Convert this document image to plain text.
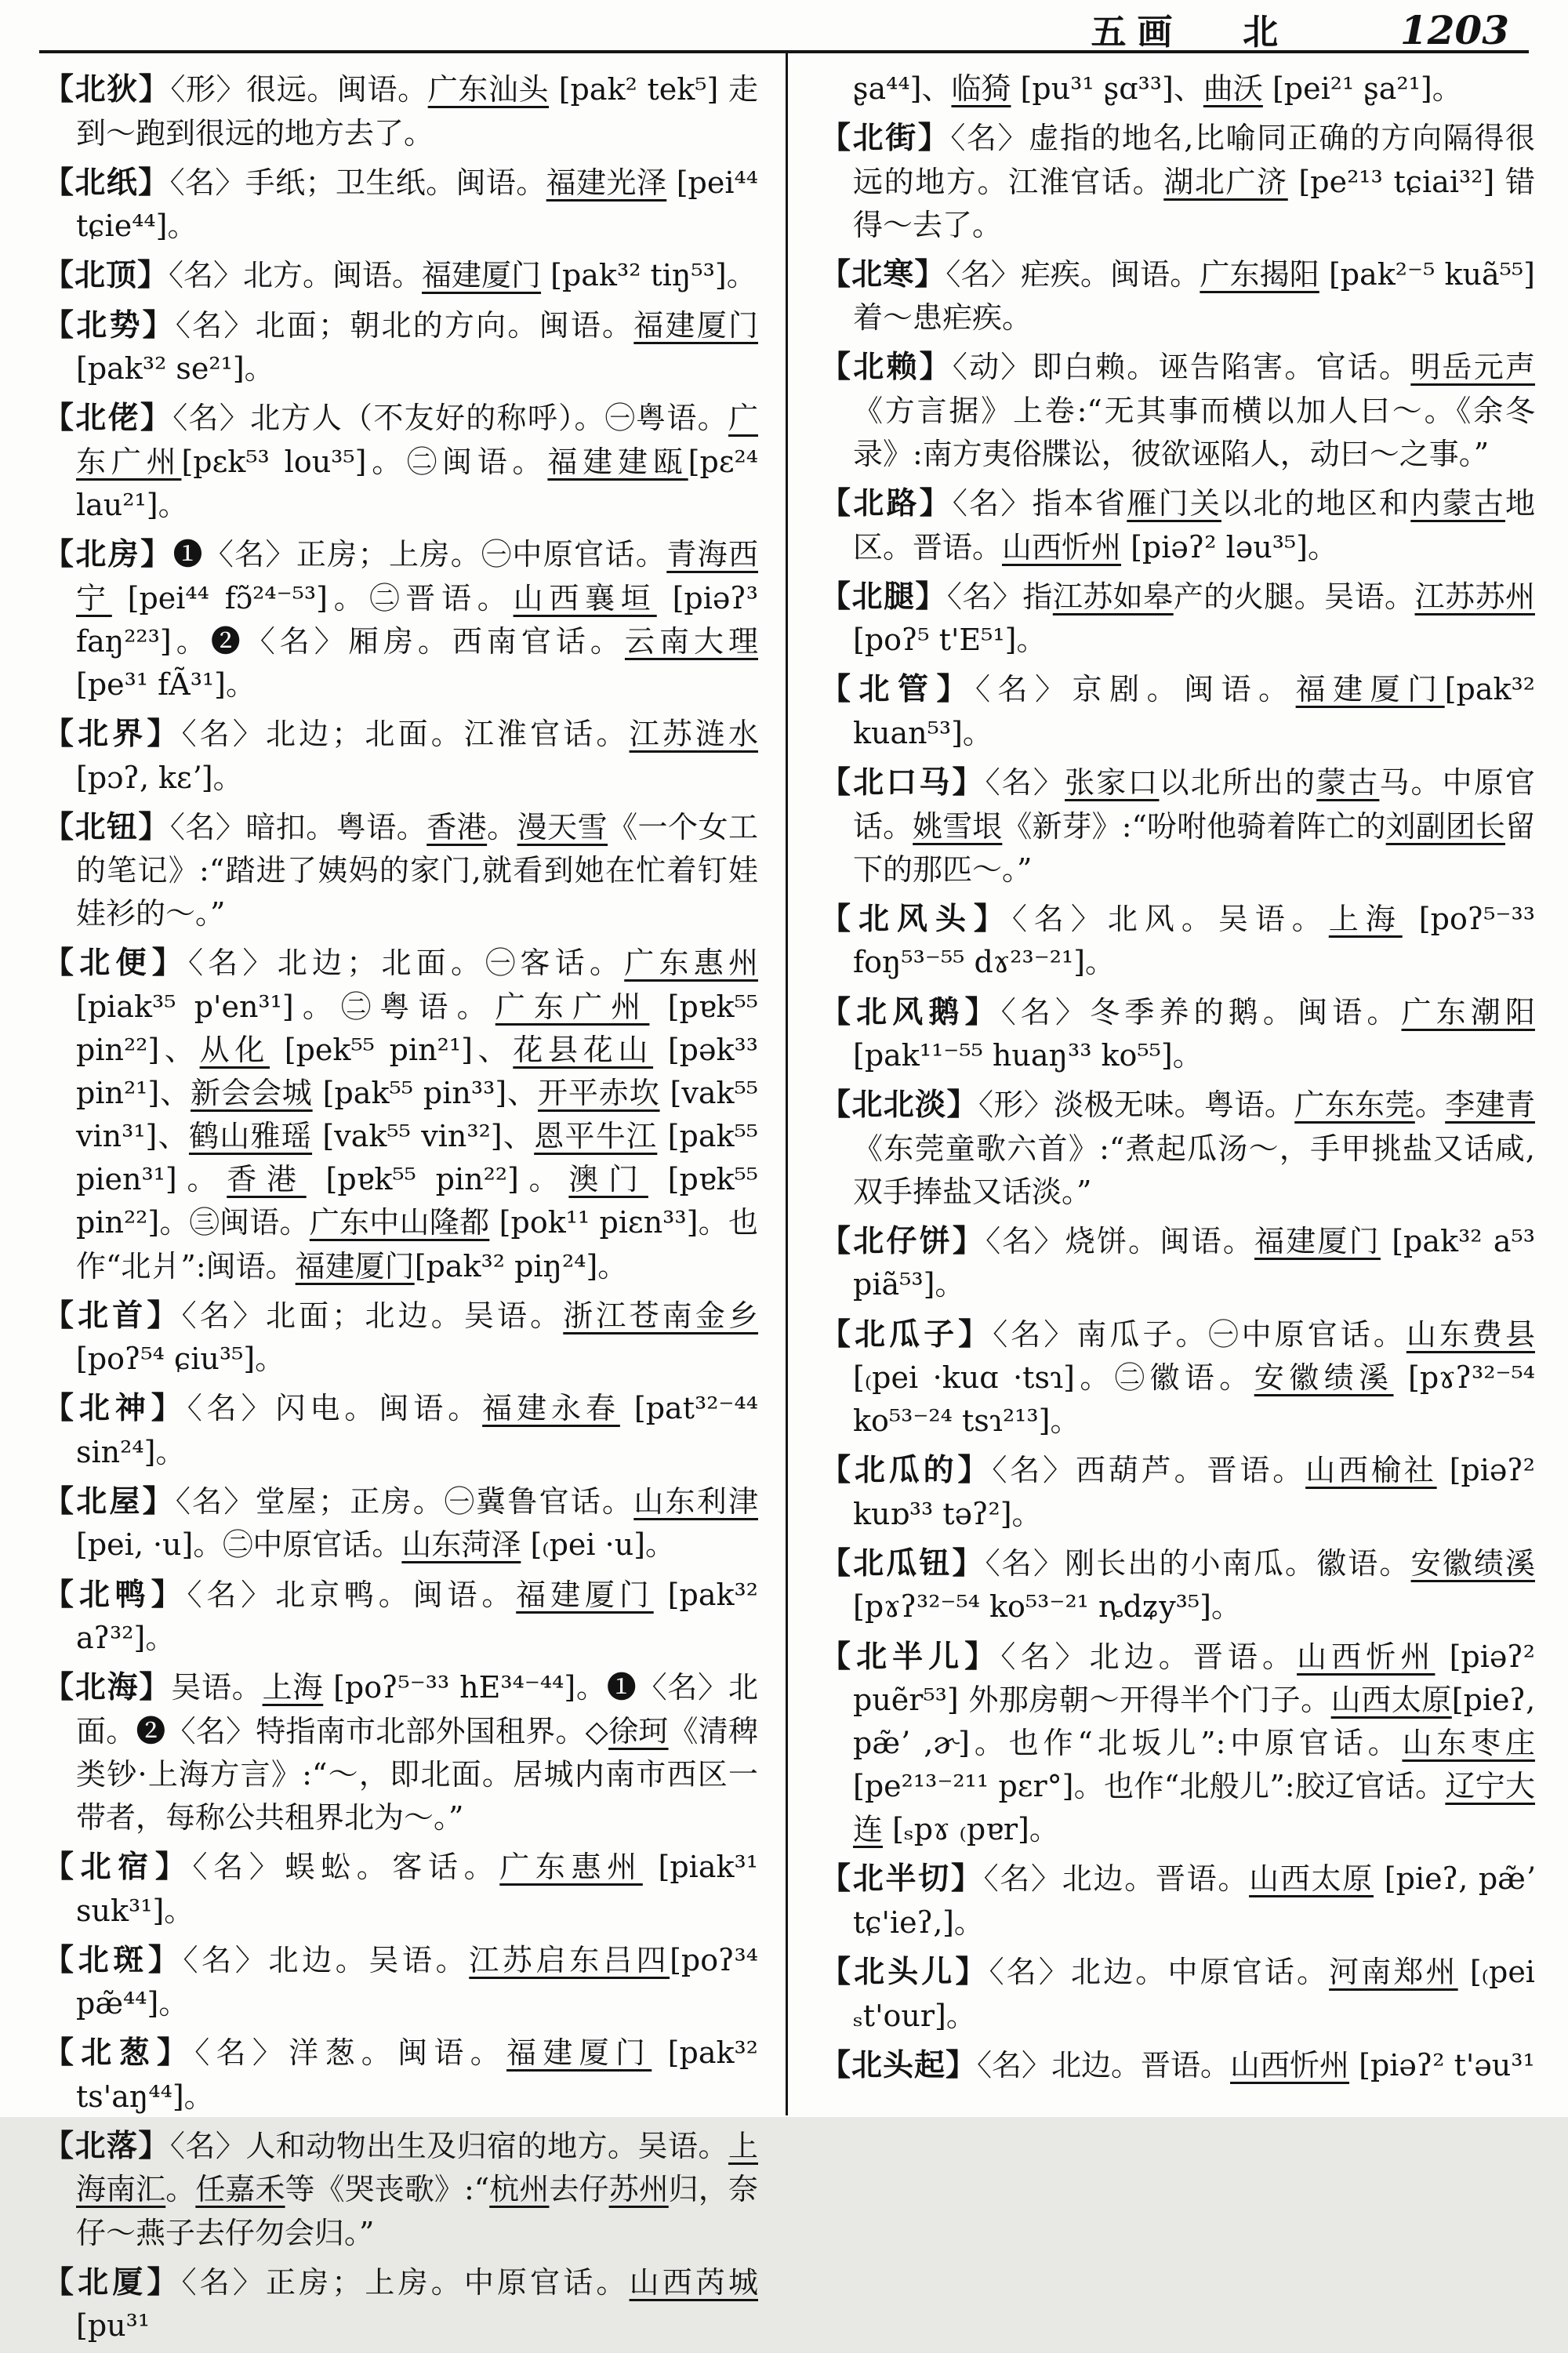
五画 北	1203
【北狄】〈形〉很远。闽语。广东汕头 [pak² tek⁵] 走到～跑到很远的地方去了。
【北纸】〈名〉手纸；卫生纸。闽语。福建光泽 [pei⁴⁴ tɕie⁴⁴]。
【北顶】〈名〉北方。闽语。福建厦门 [pak³² tiŋ⁵³]。
【北势】〈名〉北面；朝北的方向。闽语。福建厦门 [pak³² se²¹]。
【北佬】〈名〉北方人（不友好的称呼）。㊀粤语。广东广州[pɛk⁵³ lou³⁵]。㊁闽语。福建建瓯[pɛ²⁴ lau²¹]。
【北房】❶〈名〉正房；上房。㊀中原官话。青海西宁 [pei⁴⁴ fɔ̃²⁴⁻⁵³]。㊁晋语。山西襄垣 [piəʔ³ faŋ²²³]。❷〈名〉厢房。西南官话。云南大理 [pe³¹ fÃ³¹]。
【北界】〈名〉北边；北面。江淮官话。江苏涟水 [pɔʔ‚ kɛʼ]。
【北钮】〈名〉暗扣。粤语。香港。漫天雪《一个女工的笔记》:“踏进了姨妈的家门,就看到她在忙着钉娃娃衫的～。”
【北便】〈名〉北边；北面。㊀客话。广东惠州 [piak³⁵ p'en³¹]。㊁粤语。广东广州 [pɐk⁵⁵ pin²²]、从化 [pek⁵⁵ pin²¹]、花县花山 [pək³³ pin²¹]、新会会城 [pak⁵⁵ pin³³]、开平赤坎 [vak⁵⁵ vin³¹]、鹤山雅瑶 [vak⁵⁵ vin³²]、恩平牛江 [pak⁵⁵ pien³¹]。香港 [pɐk⁵⁵ pin²²]。澳门 [pɐk⁵⁵ pin²²]。㊂闽语。广东中山隆都 [pok¹¹ piɛn³³]。也作“北爿”:闽语。福建厦门[pak³² piŋ²⁴]。
【北首】〈名〉北面；北边。吴语。浙江苍南金乡[poʔ⁵⁴ ɕiu³⁵]。
【北神】〈名〉闪电。闽语。福建永春 [pat³²⁻⁴⁴ sin²⁴]。
【北屋】〈名〉堂屋；正房。㊀冀鲁官话。山东利津 [pei‚ ·u]。㊁中原官话。山东菏泽 [₍pei ·u]。
【北鸭】〈名〉北京鸭。闽语。福建厦门 [pak³² aʔ³²]。
【北海】吴语。上海 [poʔ⁵⁻³³ hE³⁴⁻⁴⁴]。❶〈名〉北面。❷〈名〉特指南市北部外国租界。◇徐珂《清稗类钞·上海方言》:“～，即北面。居城内南市西区一带者，每称公共租界北为～。”
【北宿】〈名〉蜈蚣。客话。广东惠州 [piak³¹ suk³¹]。
【北斑】〈名〉北边。吴语。江苏启东吕四[poʔ³⁴ pæ̃⁴⁴]。
【北葱】〈名〉洋葱。闽语。福建厦门 [pak³² ts'aŋ⁴⁴]。
【北落】〈名〉人和动物出生及归宿的地方。吴语。上海南汇。任嘉禾等《哭丧歌》:“杭州去仔苏州归，奈仔～燕子去仔勿会归。”
【北厦】〈名〉正房；上房。中原官话。山西芮城 [pu³¹
ʂa⁴⁴]、临猗 [pu³¹ ʂɑ³³]、曲沃 [pei²¹ ʂa²¹]。
【北街】〈名〉虚指的地名,比喻同正确的方向隔得很远的地方。江淮官话。湖北广济 [pe²¹³ tɕiai³²] 错得～去了。
【北寒】〈名〉疟疾。闽语。广东揭阳 [pak²⁻⁵ kuã⁵⁵] 着～患疟疾。
【北赖】〈动〉即白赖。诬告陷害。官话。明岳元声《方言据》上卷:“无其事而横以加人曰～。《余冬录》:南方夷俗牒讼，彼欲诬陷人，动曰～之事。”
【北路】〈名〉指本省雁门关以北的地区和内蒙古地区。晋语。山西忻州 [piəʔ² ləu³⁵]。
【北腿】〈名〉指江苏如皋产的火腿。吴语。江苏苏州 [poʔ⁵ t'E⁵¹]。
【北管】〈名〉京剧。闽语。福建厦门[pak³² kuan⁵³]。
【北口马】〈名〉张家口以北所出的蒙古马。中原官话。姚雪垠《新芽》:“吩咐他骑着阵亡的刘副团长留下的那匹～。”
【北风头】〈名〉北风。吴语。上海 [poʔ⁵⁻³³ foŋ⁵³⁻⁵⁵ dɤ²³⁻²¹]。
【北风鹅】〈名〉冬季养的鹅。闽语。广东潮阳[pak¹¹⁻⁵⁵ huaŋ³³ ko⁵⁵]。
【北北淡】〈形〉淡极无味。粤语。广东东莞。李建青《东莞童歌六首》:“煮起瓜汤～，手甲挑盐又话咸,双手捧盐又话淡。”
【北仔饼】〈名〉烧饼。闽语。福建厦门 [pak³² a⁵³ piã⁵³]。
【北瓜子】〈名〉南瓜子。㊀中原官话。山东费县 [₍pei ·kuɑ ·tsɿ]。㊁徽语。安徽绩溪 [pɤʔ³²⁻⁵⁴ ko⁵³⁻²⁴ tsɿ²¹³]。
【北瓜的】〈名〉西葫芦。晋语。山西榆社 [piəʔ² kuɒ³³ təʔ²]。
【北瓜钮】〈名〉刚长出的小南瓜。徽语。安徽绩溪 [pɤʔ³²⁻⁵⁴ ko⁵³⁻²¹ ȵdʑy³⁵]。
【北半儿】〈名〉北边。晋语。山西忻州 [piəʔ² puẽr⁵³] 外那房朝～开得半个门子。山西太原[pieʔ‚ pæ̃ʼ ‚ɚ]。也作“北坂儿”:中原官话。山东枣庄 [pe²¹³⁻²¹¹ pɛr°]。也作“北般儿”:胶辽官话。辽宁大连 [ₛpɤ ₍pɐr]。
【北半切】〈名〉北边。晋语。山西太原 [pieʔ‚ pæ̃ʼ tɕ'ieʔ‚]。
【北头儿】〈名〉北边。中原官话。河南郑州 [₍pei ₛt'our]。
【北头起】〈名〉北边。晋语。山西忻州 [piəʔ² t'əu³¹
